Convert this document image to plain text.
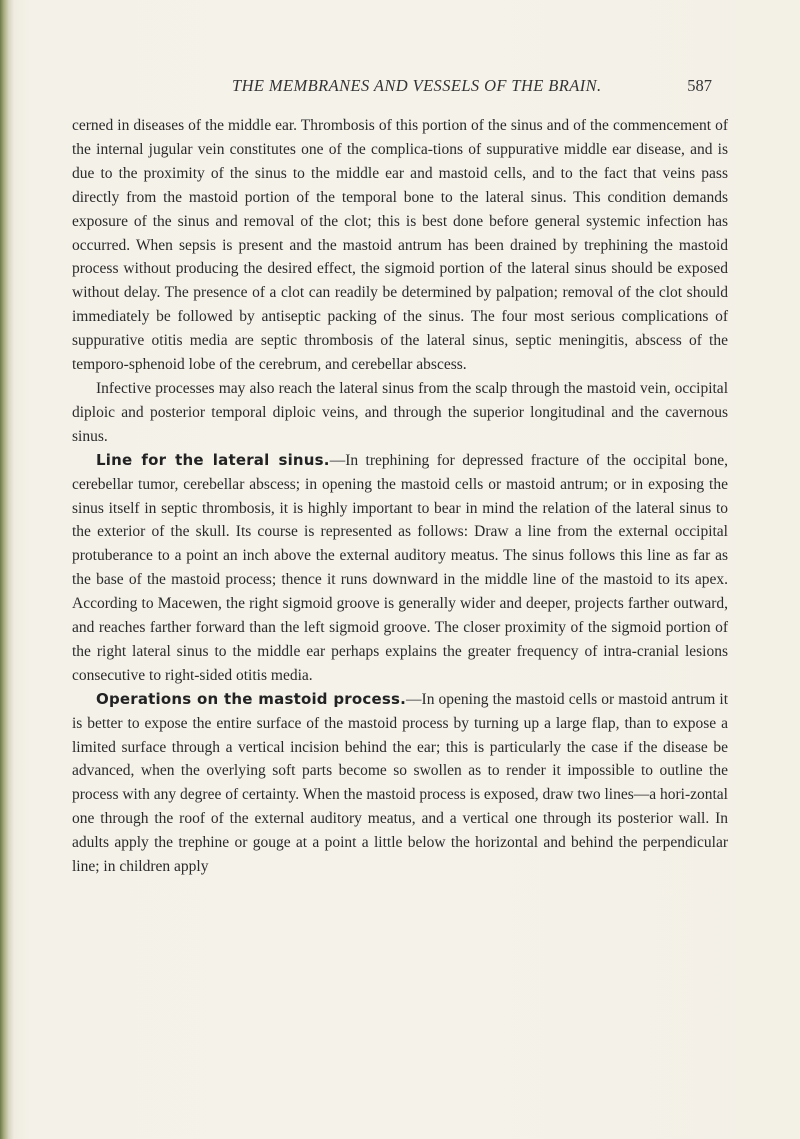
THE MEMBRANES AND VESSELS OF THE BRAIN.	587

cerned in diseases of the middle ear. Thrombosis of this portion of the sinus and of the commencement of the internal jugular vein constitutes one of the complica-tions of suppurative middle ear disease, and is due to the proximity of the sinus to the middle ear and mastoid cells, and to the fact that veins pass directly from the mastoid portion of the temporal bone to the lateral sinus. This condition demands exposure of the sinus and removal of the clot; this is best done before general systemic infection has occurred. When sepsis is present and the mastoid antrum has been drained by trephining the mastoid process without producing the desired effect, the sigmoid portion of the lateral sinus should be exposed without delay. The presence of a clot can readily be determined by palpation; removal of the clot should immediately be followed by antiseptic packing of the sinus. The four most serious complications of suppurative otitis media are septic thrombosis of the lateral sinus, septic meningitis, abscess of the temporo-sphenoid lobe of the cerebrum, and cerebellar abscess.

Infective processes may also reach the lateral sinus from the scalp through the mastoid vein, occipital diploic and posterior temporal diploic veins, and through the superior longitudinal and the cavernous sinus.

Line for the lateral sinus.—In trephining for depressed fracture of the occipital bone, cerebellar tumor, cerebellar abscess; in opening the mastoid cells or mastoid antrum; or in exposing the sinus itself in septic thrombosis, it is highly important to bear in mind the relation of the lateral sinus to the exterior of the skull. Its course is represented as follows: Draw a line from the external occipital protuberance to a point an inch above the external auditory meatus. The sinus follows this line as far as the base of the mastoid process; thence it runs downward in the middle line of the mastoid to its apex. According to Macewen, the right sigmoid groove is generally wider and deeper, projects farther outward, and reaches farther forward than the left sigmoid groove. The closer proximity of the sigmoid portion of the right lateral sinus to the middle ear perhaps explains the greater frequency of intra-cranial lesions consecutive to right-sided otitis media.

Operations on the mastoid process.—In opening the mastoid cells or mastoid antrum it is better to expose the entire surface of the mastoid process by turning up a large flap, than to expose a limited surface through a vertical incision behind the ear; this is particularly the case if the disease be advanced, when the overlying soft parts become so swollen as to render it impossible to outline the process with any degree of certainty. When the mastoid process is exposed, draw two lines—a hori-zontal one through the roof of the external auditory meatus, and a vertical one through its posterior wall. In adults apply the trephine or gouge at a point a little below the horizontal and behind the perpendicular line; in children apply
